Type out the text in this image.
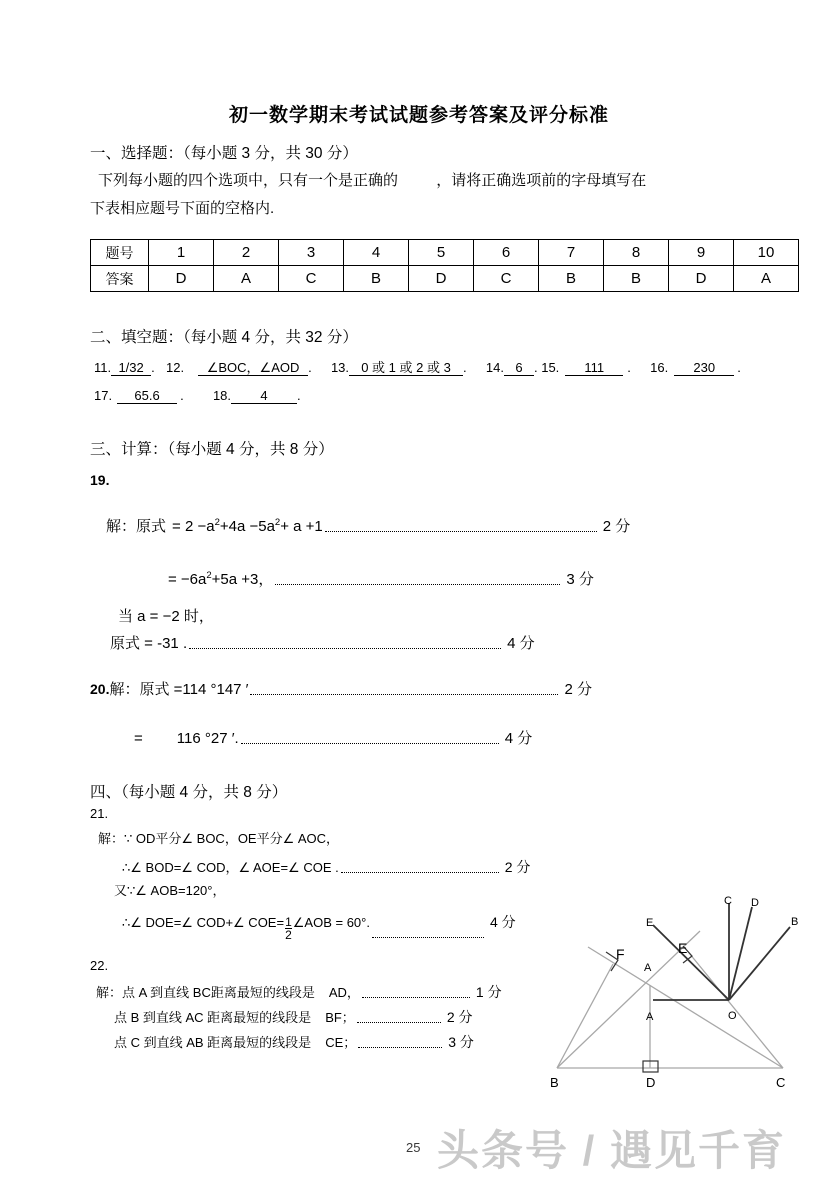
初一数学期末考试试题参考答案及评分标准
一、选择题：（每小题 3 分，共 30 分）
下列每小题的四个选项中，只有一个是正确的	，请将正确选项前的字母填写在
下表相应题号下面的空格内.
题号	1	2	3	4	5	6	7	8	9	10
答案	D	A	C	B	D	C	B	B	D	A
二、填空题：（每小题 4 分，共 32 分）
11. 1/32 . 12. ∠BOC，∠AOD . 13. 0 或 1 或 2 或 3 . 14. 6 . 15. 111 . 16. 230 .
17. 65.6 . 18. 4 .
三、计算：（每小题 4 分，共 8 分）
19.
解：原式 = $2 -a^2+4a -5a^2+ a +1$	2 分
= $-6a^2+5a +3$，	3 分
当 a = −2 时，
原式 = -31 .	4 分
20. 解：原式 =114 °147 ′	2 分
= 116 °27 ′.	4 分
四、（每小题 4 分，共 8 分）
21.
解：∵ OD平分∠ BOC，OE平分∠ AOC，
∴∠ BOD=∠ COD，∠ AOE=∠ COE .	2 分
又∵∠ AOB=120°，
∴∠ DOE=∠ COD+∠ $COE= \frac{1}{2}$ ∠AOB = 60°.	4 分
22.
解：点 A 到直线 BC距离最短的线段是 AD，	1 分
点 B 到直线 AC 距离最短的线段是 BF；	2 分
点 C 到直线 AB 距离最短的线段是 CE；	3 分
B	D	C
A
A
F	E
E
C D
B
O
25 头条号 / 遇见千育
